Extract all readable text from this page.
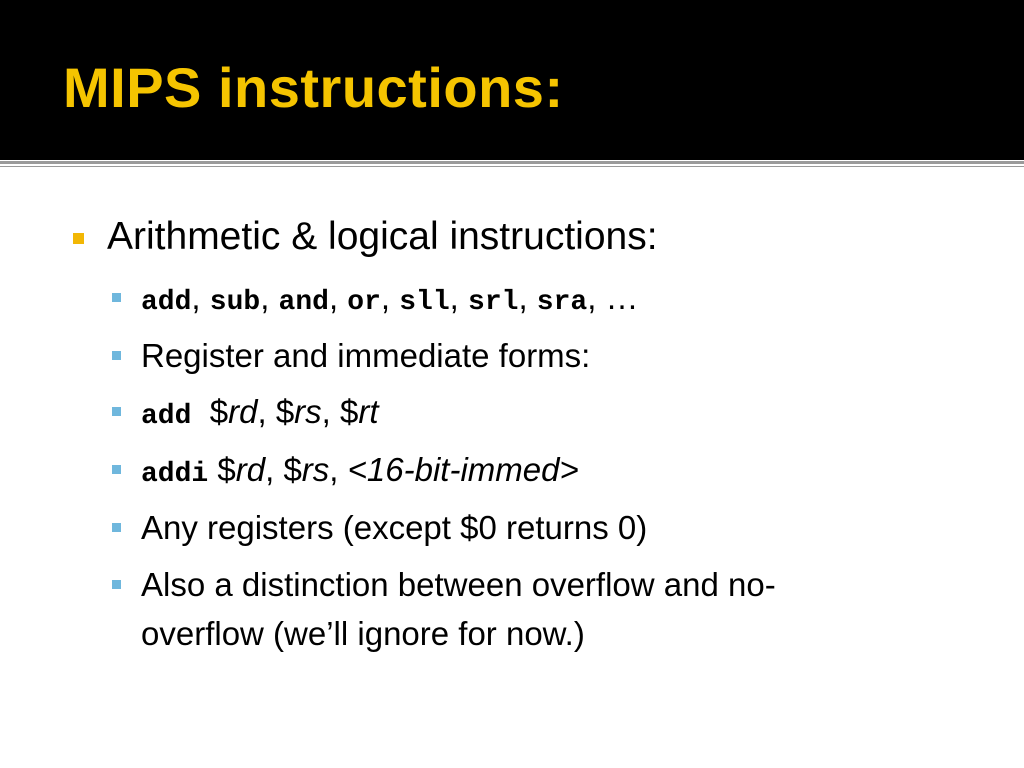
MIPS instructions:
Arithmetic & logical instructions:
add, sub, and, or, sll, srl, sra, …
Register and immediate forms:
add $rd, $rs, $rt
addi $rd, $rs, <16-bit-immed>
Any registers (except $0 returns 0)
Also a distinction between overflow and no-
overflow (we’ll ignore for now.)
